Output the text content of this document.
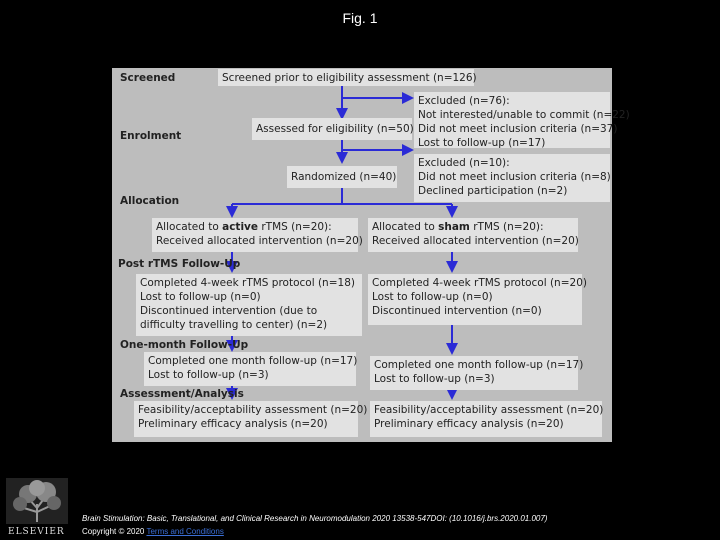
Fig. 1
Screened
Enrolment
Allocation
Post rTMS Follow-Up
One-month Follow-Up
Assessment/Analysis
Screened prior to eligibility assessment (n=126)
Assessed for eligibility (n=50)
Randomized (n=40)
Excluded (n=76):
Not interested/unable to commit (n=22)
Did not meet inclusion criteria (n=37)
Lost to follow-up (n=17)
Excluded (n=10):
Did not meet inclusion criteria (n=8)
Declined participation (n=2)
Allocated to active rTMS (n=20):
Received allocated intervention (n=20)
Allocated to sham rTMS (n=20):
Received allocated intervention (n=20)
Completed 4-week rTMS protocol (n=18)
Lost to follow-up (n=0)
Discontinued intervention (due to
difficulty travelling to center) (n=2)
Completed 4-week rTMS protocol (n=20)
Lost to follow-up (n=0)
Discontinued intervention (n=0)
Completed one month follow-up (n=17)
Lost to follow-up (n=3)
Completed one month follow-up (n=17)
Lost to follow-up (n=3)
Feasibility/acceptability assessment (n=20)
Preliminary efficacy analysis (n=20)
Feasibility/acceptability assessment (n=20)
Preliminary efficacy analysis (n=20)
ELSEVIER
Brain Stimulation: Basic, Translational, and Clinical Research in Neuromodulation 2020 13538-547DOI: (10.1016/j.brs.2020.01.007)
Copyright © 2020 Terms and Conditions
